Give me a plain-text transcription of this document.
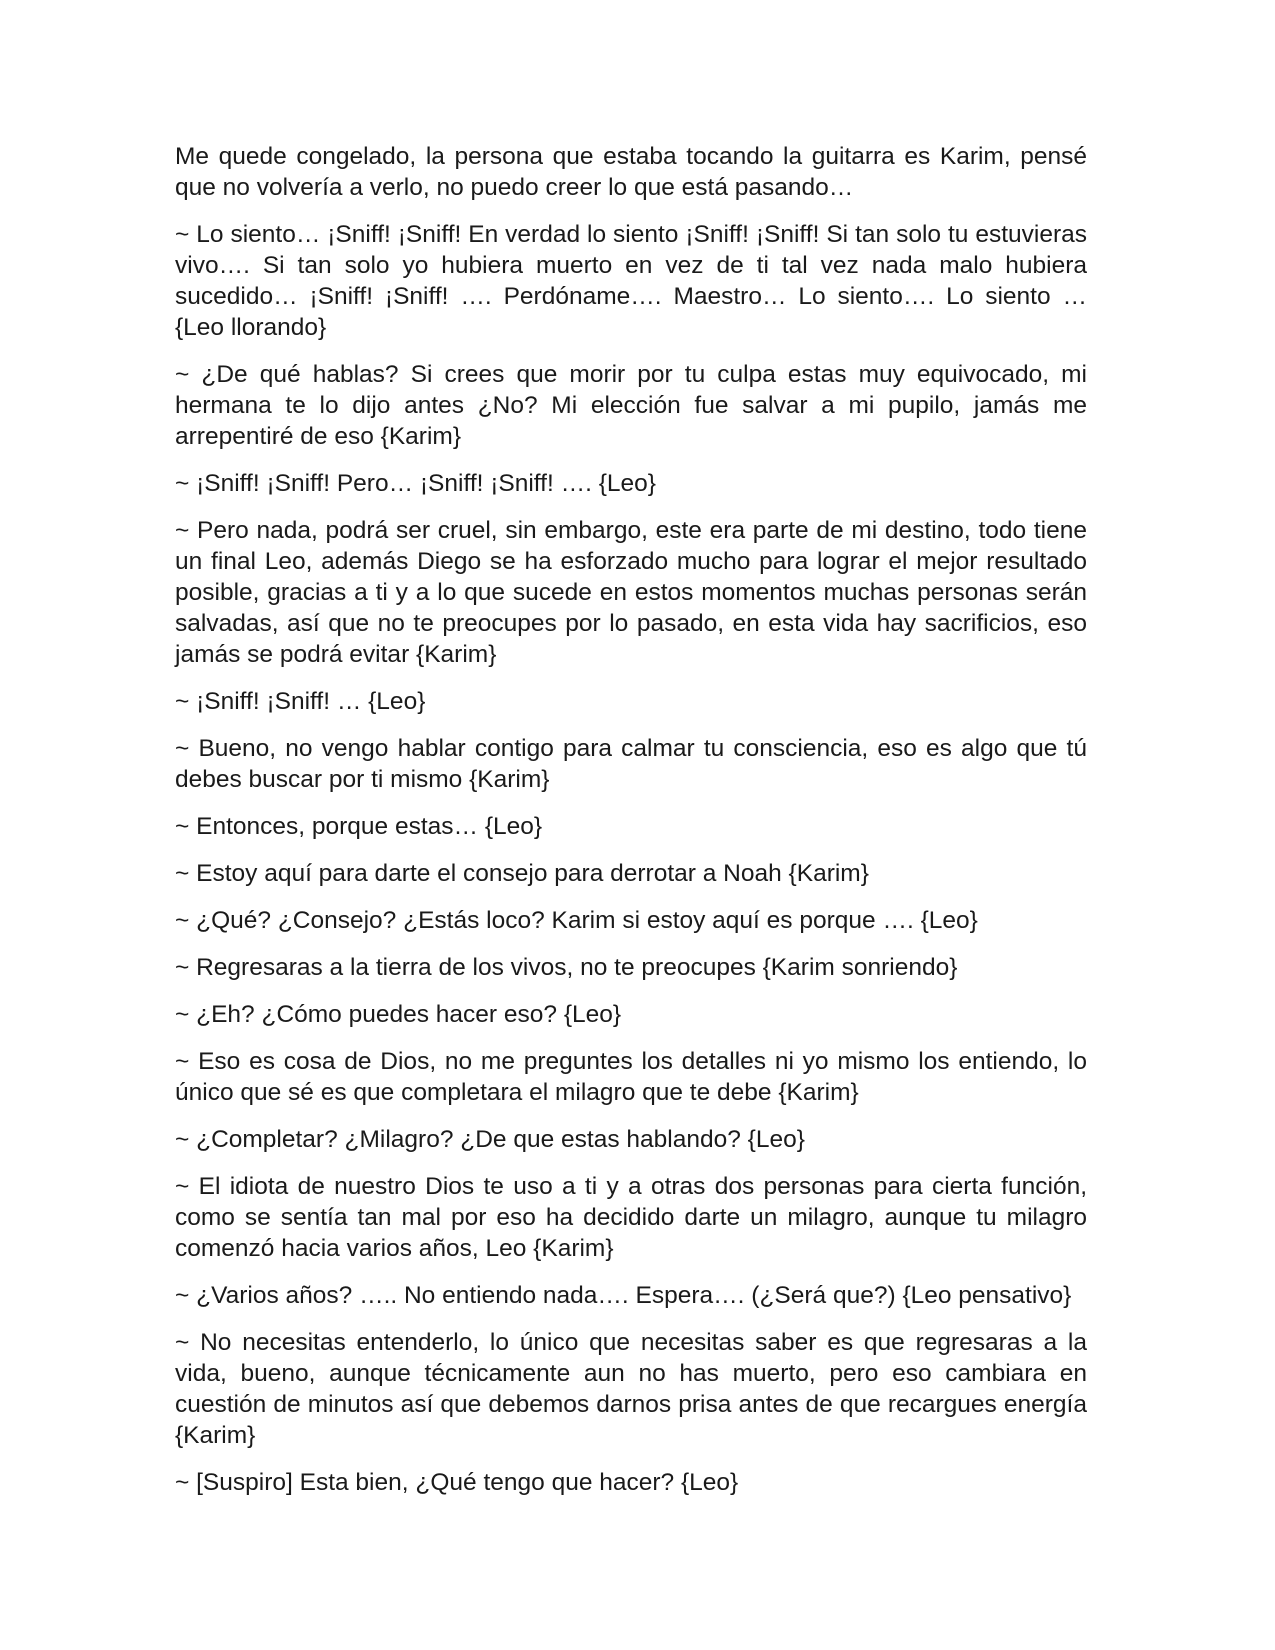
Me quede congelado, la persona que estaba tocando la guitarra es Karim, pensé que no volvería a verlo, no puedo creer lo que está pasando…

~ Lo siento… ¡Sniff! ¡Sniff! En verdad lo siento ¡Sniff! ¡Sniff! Si tan solo tu estuvieras vivo…. Si tan solo yo hubiera muerto en vez de ti tal vez nada malo hubiera sucedido… ¡Sniff! ¡Sniff! …. Perdóname…. Maestro… Lo siento…. Lo siento … {Leo llorando}

~ ¿De qué hablas? Si crees que morir por tu culpa estas muy equivocado, mi hermana te lo dijo antes ¿No? Mi elección fue salvar a mi pupilo, jamás me arrepentiré de eso {Karim}

~ ¡Sniff! ¡Sniff! Pero… ¡Sniff! ¡Sniff! …. {Leo}

~ Pero nada, podrá ser cruel, sin embargo, este era parte de mi destino, todo tiene un final Leo, además Diego se ha esforzado mucho para lograr el mejor resultado posible, gracias a ti y a lo que sucede en estos momentos muchas personas serán salvadas, así que no te preocupes por lo pasado, en esta vida hay sacrificios, eso jamás se podrá evitar {Karim}

~ ¡Sniff! ¡Sniff! … {Leo}

~ Bueno, no vengo hablar contigo para calmar tu consciencia, eso es algo que tú debes buscar por ti mismo {Karim}

~ Entonces, porque estas… {Leo}

~ Estoy aquí para darte el consejo para derrotar a Noah {Karim}

~ ¿Qué? ¿Consejo? ¿Estás loco? Karim si estoy aquí es porque …. {Leo}

~ Regresaras a la tierra de los vivos, no te preocupes {Karim sonriendo}

~ ¿Eh? ¿Cómo puedes hacer eso? {Leo}

~ Eso es cosa de Dios, no me preguntes los detalles ni yo mismo los entiendo, lo único que sé es que completara el milagro que te debe {Karim}

~ ¿Completar? ¿Milagro? ¿De que estas hablando? {Leo}

~ El idiota de nuestro Dios te uso a ti y a otras dos personas para cierta función, como se sentía tan mal por eso ha decidido darte un milagro, aunque tu milagro comenzó hacia varios años, Leo {Karim}

~ ¿Varios años? ….. No entiendo nada…. Espera…. (¿Será que?) {Leo pensativo}

~ No necesitas entenderlo, lo único que necesitas saber es que regresaras a la vida, bueno, aunque técnicamente aun no has muerto, pero eso cambiara en cuestión de minutos así que debemos darnos prisa antes de que recargues energía {Karim}

~ [Suspiro] Esta bien, ¿Qué tengo que hacer? {Leo}
